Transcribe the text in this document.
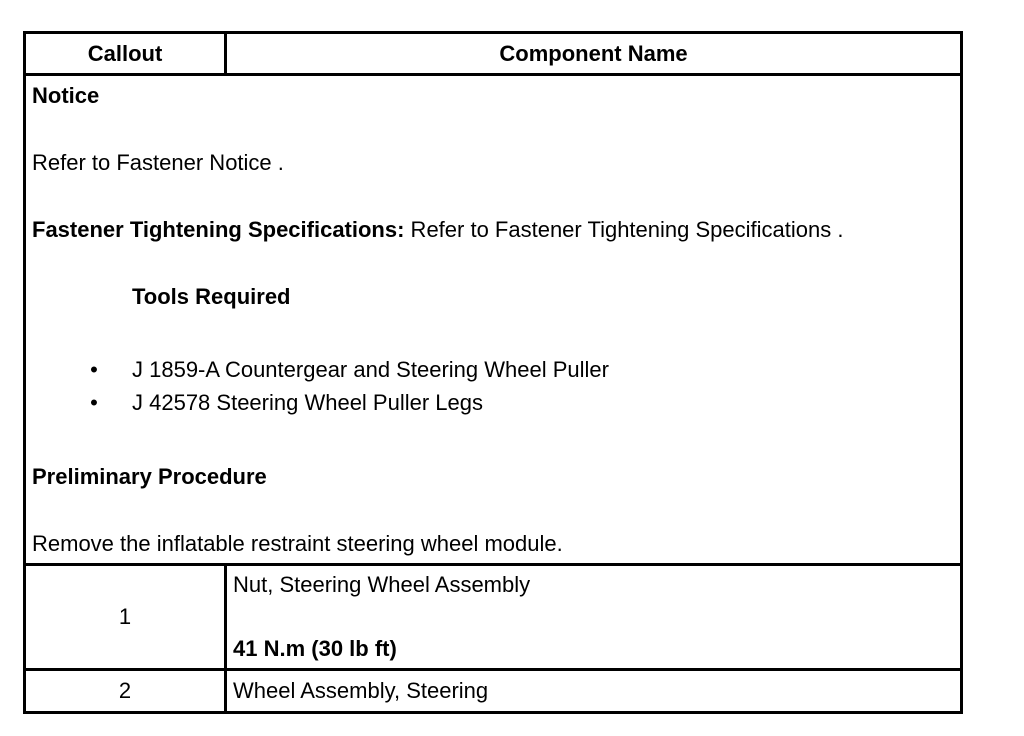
Callout	Component Name
Notice
Refer to Fastener Notice .
Fastener Tightening Specifications: Refer to Fastener Tightening Specifications .
Tools Required
• J 1859-A Countergear and Steering Wheel Puller
• J 42578 Steering Wheel Puller Legs
Preliminary Procedure
Remove the inflatable restraint steering wheel module.
1
Nut, Steering Wheel Assembly
41 N.m (30 lb ft)
2	Wheel Assembly, Steering
